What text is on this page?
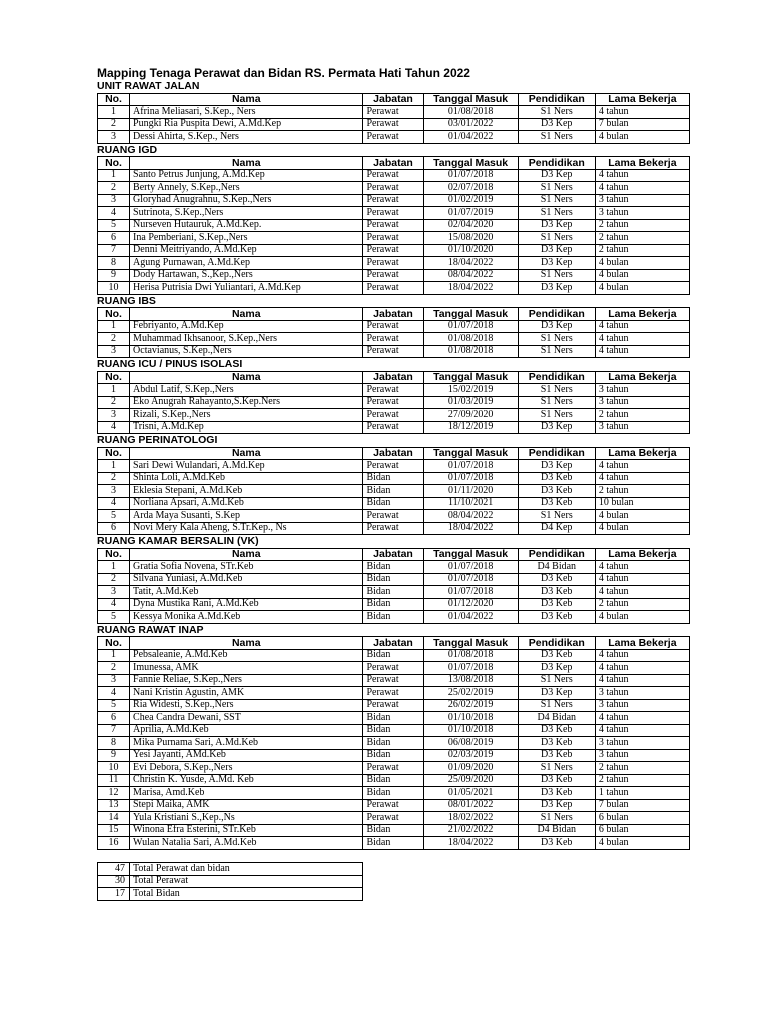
Mapping Tenaga Perawat dan Bidan RS. Permata Hati Tahun 2022
UNIT RAWAT JALAN
No.	Nama	Jabatan	Tanggal Masuk	Pendidikan	Lama Bekerja
1	Afrina Meliasari, S.Kep., Ners	Perawat	01/08/2018	S1 Ners	4 tahun
2	Pungki Ria Puspita Dewi, A.Md.Kep	Perawat	03/01/2022	D3 Kep	7 bulan
3	Dessi Ahirta, S.Kep., Ners	Perawat	01/04/2022	S1 Ners	4 bulan
RUANG IGD
No.	Nama	Jabatan	Tanggal Masuk	Pendidikan	Lama Bekerja
1	Santo Petrus Junjung, A.Md.Kep	Perawat	01/07/2018	D3 Kep	4 tahun
2	Berty Annely, S.Kep.,Ners	Perawat	02/07/2018	S1 Ners	4 tahun
3	Gloryhad Anugrahnu, S.Kep.,Ners	Perawat	01/02/2019	S1 Ners	3 tahun
4	Sutrinota, S.Kep.,Ners	Perawat	01/07/2019	S1 Ners	3 tahun
5	Nurseven Hutauruk, A.Md.Kep.	Perawat	02/04/2020	D3 Kep	2 tahun
6	Ina Pemberiani, S.Kep.,Ners	Perawat	15/08/2020	S1 Ners	2 tahun
7	Denni Meitriyando, A.Md.Kep	Perawat	01/10/2020	D3 Kep	2 tahun
8	Agung Purnawan, A.Md.Kep	Perawat	18/04/2022	D3 Kep	4 bulan
9	Dody Hartawan, S.,Kep.,Ners	Perawat	08/04/2022	S1 Ners	4 bulan
10	Herisa Putrisia Dwi Yuliantari, A.Md.Kep	Perawat	18/04/2022	D3 Kep	4 bulan
RUANG IBS
No.	Nama	Jabatan	Tanggal Masuk	Pendidikan	Lama Bekerja
1	Febriyanto, A.Md.Kep	Perawat	01/07/2018	D3 Kep	4 tahun
2	Muhammad Ikhsanoor, S.Kep.,Ners	Perawat	01/08/2018	S1 Ners	4 tahun
3	Octavianus, S.Kep.,Ners	Perawat	01/08/2018	S1 Ners	4 tahun
RUANG ICU / PINUS ISOLASI
No.	Nama	Jabatan	Tanggal Masuk	Pendidikan	Lama Bekerja
1	Abdul Latif, S.Kep.,Ners	Perawat	15/02/2019	S1 Ners	3 tahun
2	Eko Anugrah Rahayanto,S.Kep.Ners	Perawat	01/03/2019	S1 Ners	3 tahun
3	Rizali, S.Kep.,Ners	Perawat	27/09/2020	S1 Ners	2 tahun
4	Trisni, A.Md.Kep	Perawat	18/12/2019	D3 Kep	3 tahun
RUANG PERINATOLOGI
No.	Nama	Jabatan	Tanggal Masuk	Pendidikan	Lama Bekerja
1	Sari Dewi Wulandari, A.Md.Kep	Perawat	01/07/2018	D3 Kep	4 tahun
2	Shinta Loli, A.Md.Keb	Bidan	01/07/2018	D3 Keb	4 tahun
3	Eklesia Stepani, A.Md.Keb	Bidan	01/11/2020	D3 Keb	2 tahun
4	Norliana Apsari, A.Md.Keb	Bidan	11/10/2021	D3 Keb	10 bulan
5	Arda Maya Susanti, S.Kep	Perawat	08/04/2022	S1 Ners	4 bulan
6	Novi Mery Kala Aheng, S.Tr.Kep., Ns	Perawat	18/04/2022	D4 Kep	4 bulan
RUANG KAMAR BERSALIN (VK)
No.	Nama	Jabatan	Tanggal Masuk	Pendidikan	Lama Bekerja
1	Gratia Sofia Novena, STr.Keb	Bidan	01/07/2018	D4 Bidan	4 tahun
2	Silvana Yuniasi, A.Md.Keb	Bidan	01/07/2018	D3 Keb	4 tahun
3	Tatit, A.Md.Keb	Bidan	01/07/2018	D3 Keb	4 tahun
4	Dyna Mustika Rani, A.Md.Keb	Bidan	01/12/2020	D3 Keb	2 tahun
5	Kessya Monika A.Md.Keb	Bidan	01/04/2022	D3 Keb	4 bulan
RUANG RAWAT INAP
No.	Nama	Jabatan	Tanggal Masuk	Pendidikan	Lama Bekerja
1	Pebsaleanie, A.Md.Keb	Bidan	01/08/2018	D3 Keb	4 tahun
2	Imunessa, AMK	Perawat	01/07/2018	D3 Kep	4 tahun
3	Fannie Reliae, S.Kep.,Ners	Perawat	13/08/2018	S1 Ners	4 tahun
4	Nani Kristin Agustin, AMK	Perawat	25/02/2019	D3 Kep	3 tahun
5	Ria Widesti, S.Kep.,Ners	Perawat	26/02/2019	S1 Ners	3 tahun
6	Chea Candra Dewani, SST	Bidan	01/10/2018	D4 Bidan	4 tahun
7	Aprilia, A.Md.Keb	Bidan	01/10/2018	D3 Keb	4 tahun
8	Mika Purnama Sari, A.Md.Keb	Bidan	06/08/2019	D3 Keb	3 tahun
9	Yesi Jayanti, AMd.Keb	Bidan	02/03/2019	D3 Keb	3 tahun
10	Evi Debora, S.Kep.,Ners	Perawat	01/09/2020	S1 Ners	2 tahun
11	Christin K. Yusde, A.Md. Keb	Bidan	25/09/2020	D3 Keb	2 tahun
12	Marisa, Amd.Keb	Bidan	01/05/2021	D3 Keb	1 tahun
13	Stepi Maika, AMK	Perawat	08/01/2022	D3 Kep	7 bulan
14	Yula Kristiani S.,Kep.,Ns	Perawat	18/02/2022	S1 Ners	6 bulan
15	Winona Efra Esterini, STr.Keb	Bidan	21/02/2022	D4 Bidan	6 bulan
16	Wulan Natalia Sari, A.Md.Keb	Bidan	18/04/2022	D3 Keb	4 bulan
47	Total Perawat dan bidan
30	Total Perawat
17	Total Bidan
